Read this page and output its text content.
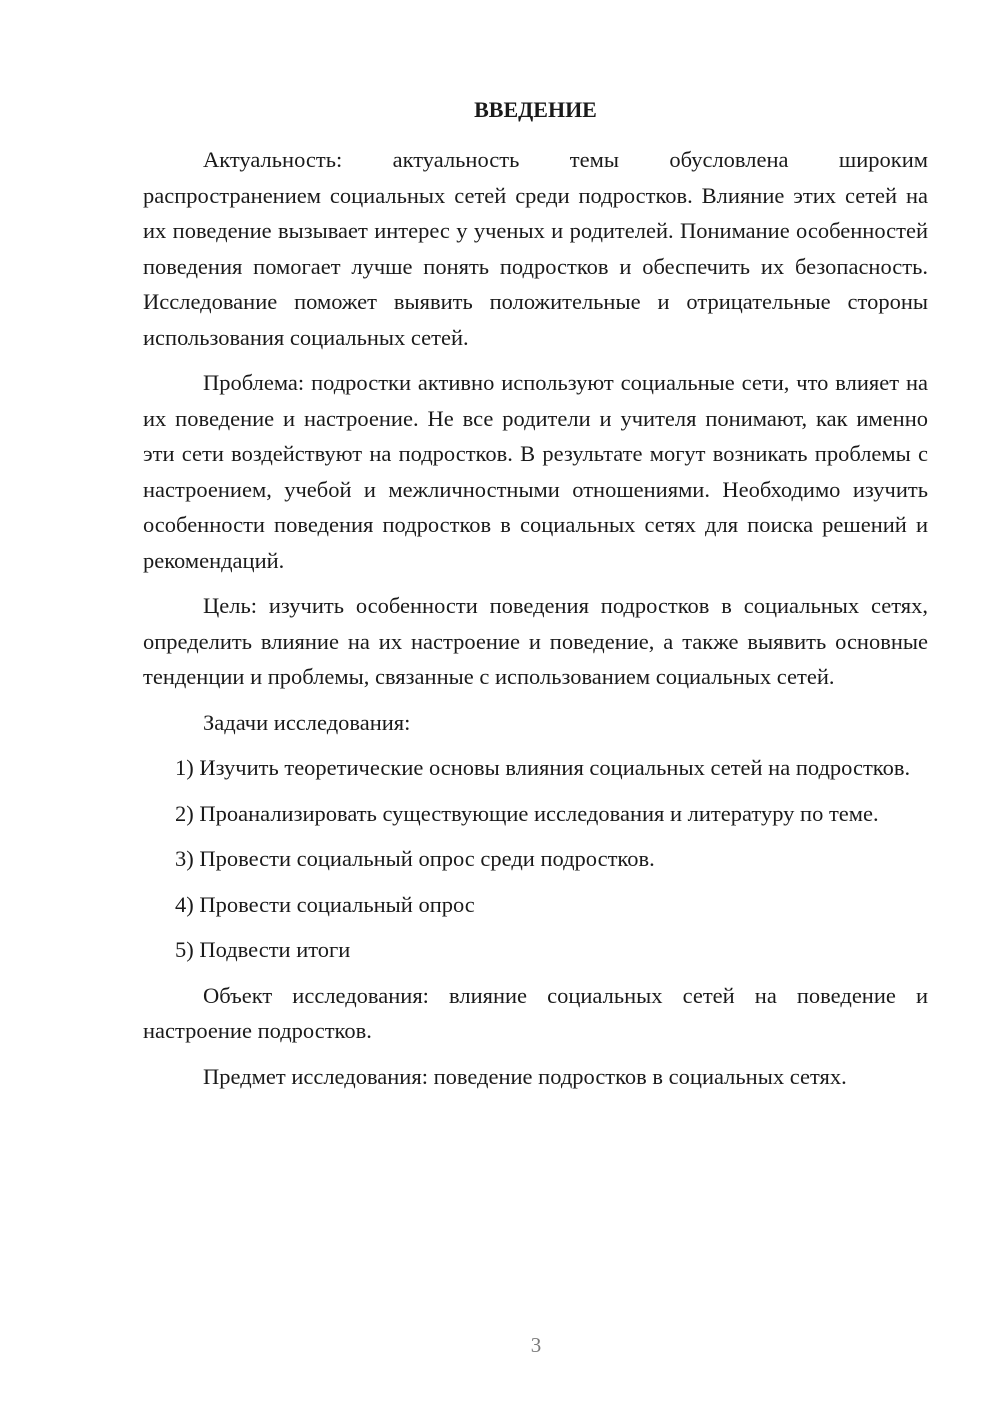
ВВЕДЕНИЕ

Актуальность: актуальность темы обусловлена широким распространением социальных сетей среди подростков. Влияние этих сетей на их поведение вызывает интерес у ученых и родителей. Понимание особенностей поведения помогает лучше понять подростков и обеспечить их безопасность. Исследование поможет выявить положительные и отрицательные стороны использования социальных сетей.

Проблема: подростки активно используют социальные сети, что влияет на их поведение и настроение. Не все родители и учителя понимают, как именно эти сети воздействуют на подростков. В результате могут возникать проблемы с настроением, учебой и межличностными отношениями. Необходимо изучить особенности поведения подростков в социальных сетях для поиска решений и рекомендаций.

Цель: изучить особенности поведения подростков в социальных сетях, определить влияние на их настроение и поведение, а также выявить основные тенденции и проблемы, связанные с использованием социальных сетей.

Задачи исследования:

1) Изучить теоретические основы влияния социальных сетей на подростков.

2) Проанализировать существующие исследования и литературу по теме.

3) Провести социальный опрос среди подростков.

4) Провести социальный опрос

5) Подвести итоги

Объект исследования: влияние социальных сетей на поведение и настроение подростков.

Предмет исследования: поведение подростков в социальных сетях.

3
